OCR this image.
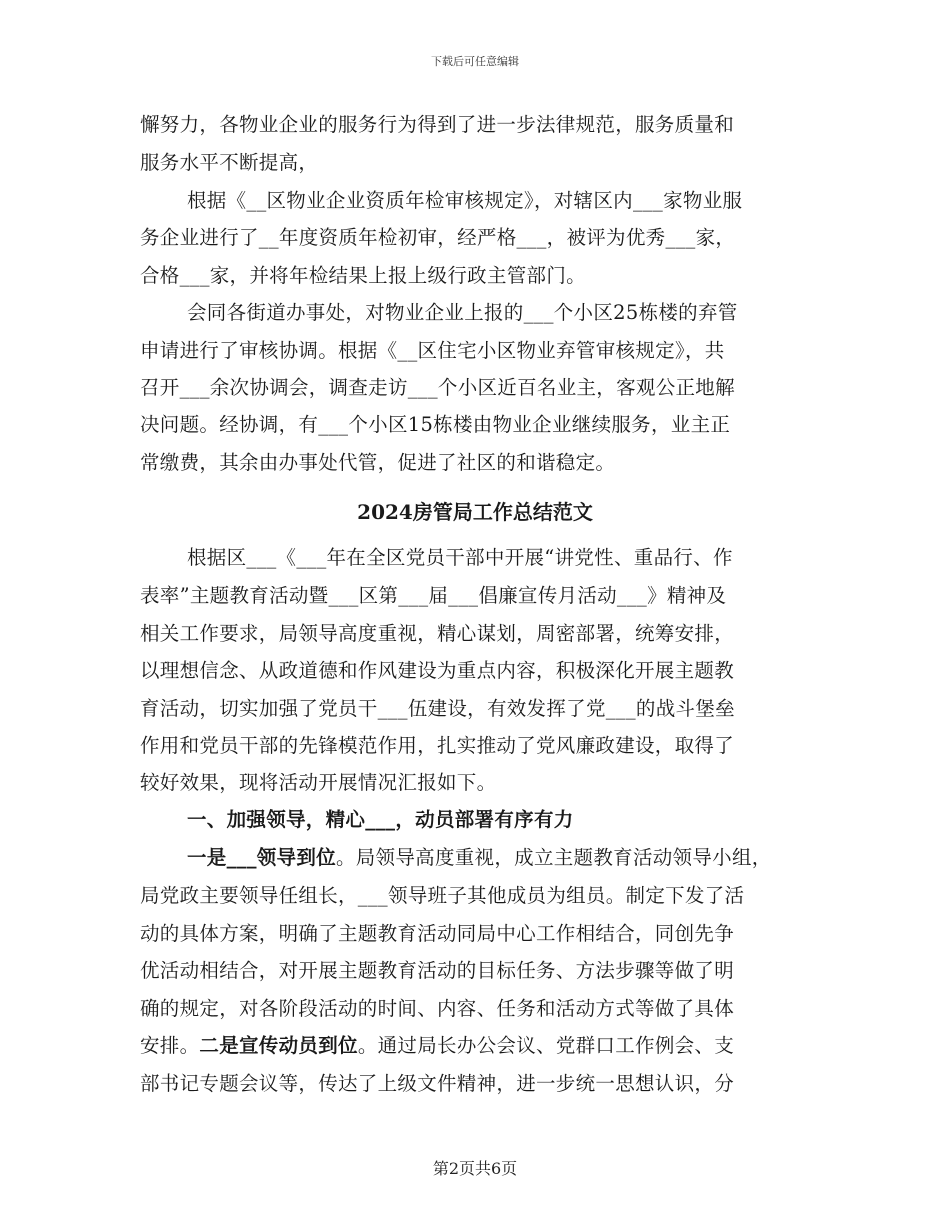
下载后可任意编辑
懈努力，各物业企业的服务行为得到了进一步法律规范，服务质量和
服务水平不断提高，
根据《__区物业企业资质年检审核规定》，对辖区内___家物业服
务企业进行了__年度资质年检初审，经严格___，被评为优秀___家，
合格___家，并将年检结果上报上级行政主管部门。
会同各街道办事处，对物业企业上报的___个小区25栋楼的弃管
申请进行了审核协调。根据《__区住宅小区物业弃管审核规定》，共
召开___余次协调会，调查走访___个小区近百名业主，客观公正地解
决问题。经协调，有___个小区15栋楼由物业企业继续服务，业主正
常缴费，其余由办事处代管，促进了社区的和谐稳定。
2024房管局工作总结范文
根据区___《___年在全区党员干部中开展“讲党性、重品行、作
表率”主题教育活动暨___区第___届___倡廉宣传月活动___》精神及
相关工作要求，局领导高度重视，精心谋划，周密部署，统筹安排，
以理想信念、从政道德和作风建设为重点内容，积极深化开展主题教
育活动，切实加强了党员干___伍建设，有效发挥了党___的战斗堡垒
作用和党员干部的先锋模范作用，扎实推动了党风廉政建设，取得了
较好效果，现将活动开展情况汇报如下。
一、加强领导，精心___，动员部署有序有力
一是___领导到位。局领导高度重视，成立主题教育活动领导小组，
局党政主要领导任组长，___领导班子其他成员为组员。制定下发了活
动的具体方案，明确了主题教育活动同局中心工作相结合，同创先争
优活动相结合，对开展主题教育活动的目标任务、方法步骤等做了明
确的规定，对各阶段活动的时间、内容、任务和活动方式等做了具体
安排。二是宣传动员到位。通过局长办公会议、党群口工作例会、支
部书记专题会议等，传达了上级文件精神，进一步统一思想认识，分
第2页共6页
